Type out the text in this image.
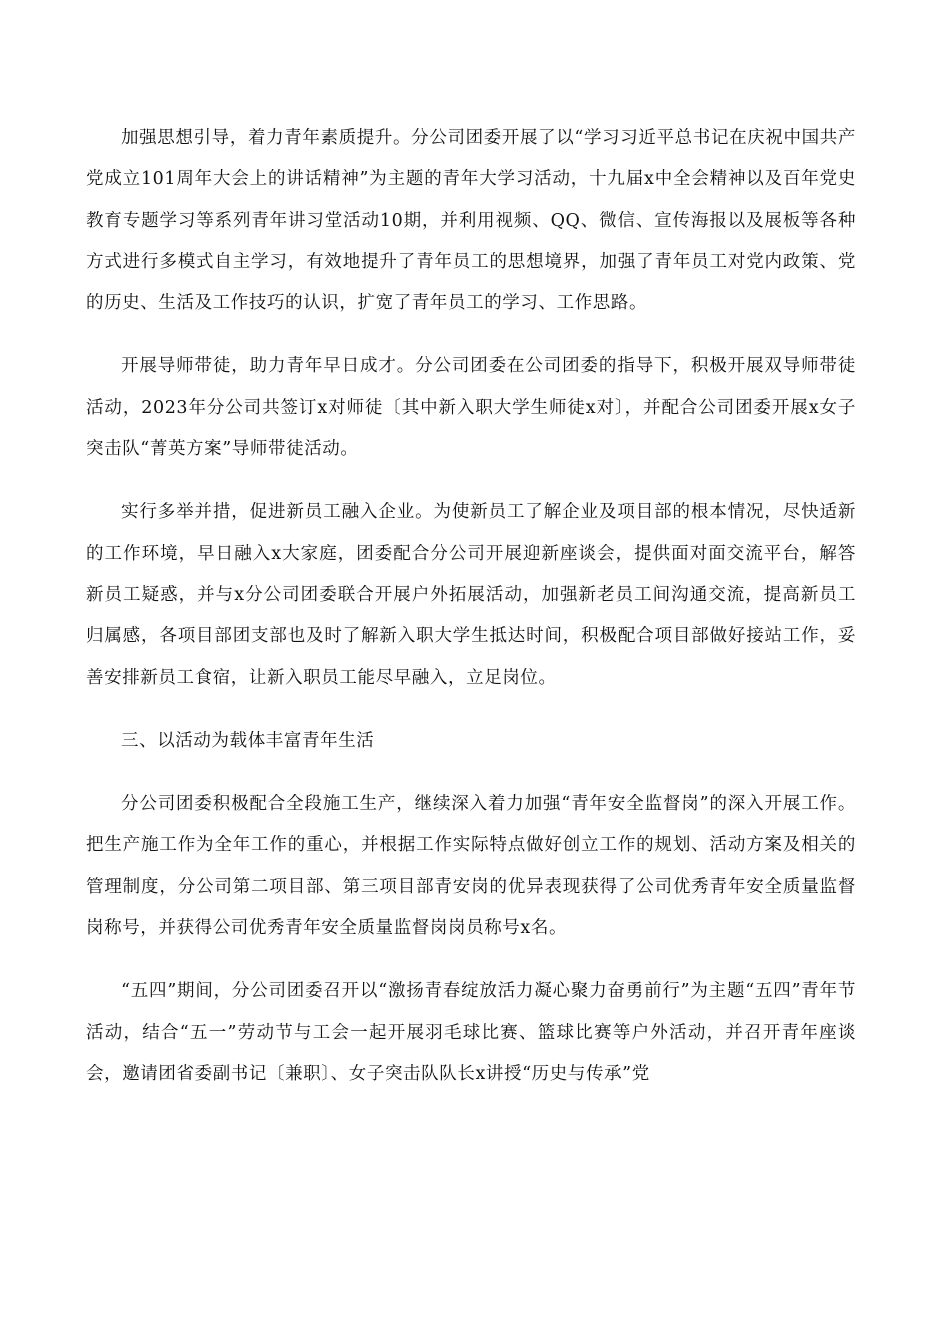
加强思想引导，着力青年素质提升。分公司团委开展了以“学习习近平总书记在庆祝中国共产党成立101周年大会上的讲话精神”为主题的青年大学习活动，十九届x中全会精神以及百年党史教育专题学习等系列青年讲习堂活动10期，并利用视频、QQ、微信、宣传海报以及展板等各种方式进行多模式自主学习，有效地提升了青年员工的思想境界，加强了青年员工对党内政策、党的历史、生活及工作技巧的认识，扩宽了青年员工的学习、工作思路。

开展导师带徒，助力青年早日成才。分公司团委在公司团委的指导下，积极开展双导师带徒活动，2023年分公司共签订x对师徒〔其中新入职大学生师徒x对〕，并配合公司团委开展x女子突击队“菁英方案”导师带徒活动。

实行多举并措，促进新员工融入企业。为使新员工了解企业及项目部的根本情况，尽快适新的工作环境，早日融入x大家庭，团委配合分公司开展迎新座谈会，提供面对面交流平台，解答新员工疑惑，并与x分公司团委联合开展户外拓展活动，加强新老员工间沟通交流，提高新员工归属感，各项目部团支部也及时了解新入职大学生抵达时间，积极配合项目部做好接站工作，妥善安排新员工食宿，让新入职员工能尽早融入，立足岗位。

三、以活动为载体丰富青年生活

分公司团委积极配合全段施工生产，继续深入着力加强“青年安全监督岗”的深入开展工作。把生产施工作为全年工作的重心，并根据工作实际特点做好创立工作的规划、活动方案及相关的管理制度，分公司第二项目部、第三项目部青安岗的优异表现获得了公司优秀青年安全质量监督岗称号，并获得公司优秀青年安全质量监督岗岗员称号x名。

“五四”期间，分公司团委召开以“激扬青春绽放活力凝心聚力奋勇前行”为主题“五四”青年节活动，结合“五一”劳动节与工会一起开展羽毛球比赛、篮球比赛等户外活动，并召开青年座谈会，邀请团省委副书记〔兼职〕、女子突击队队长x讲授“历史与传承”党
